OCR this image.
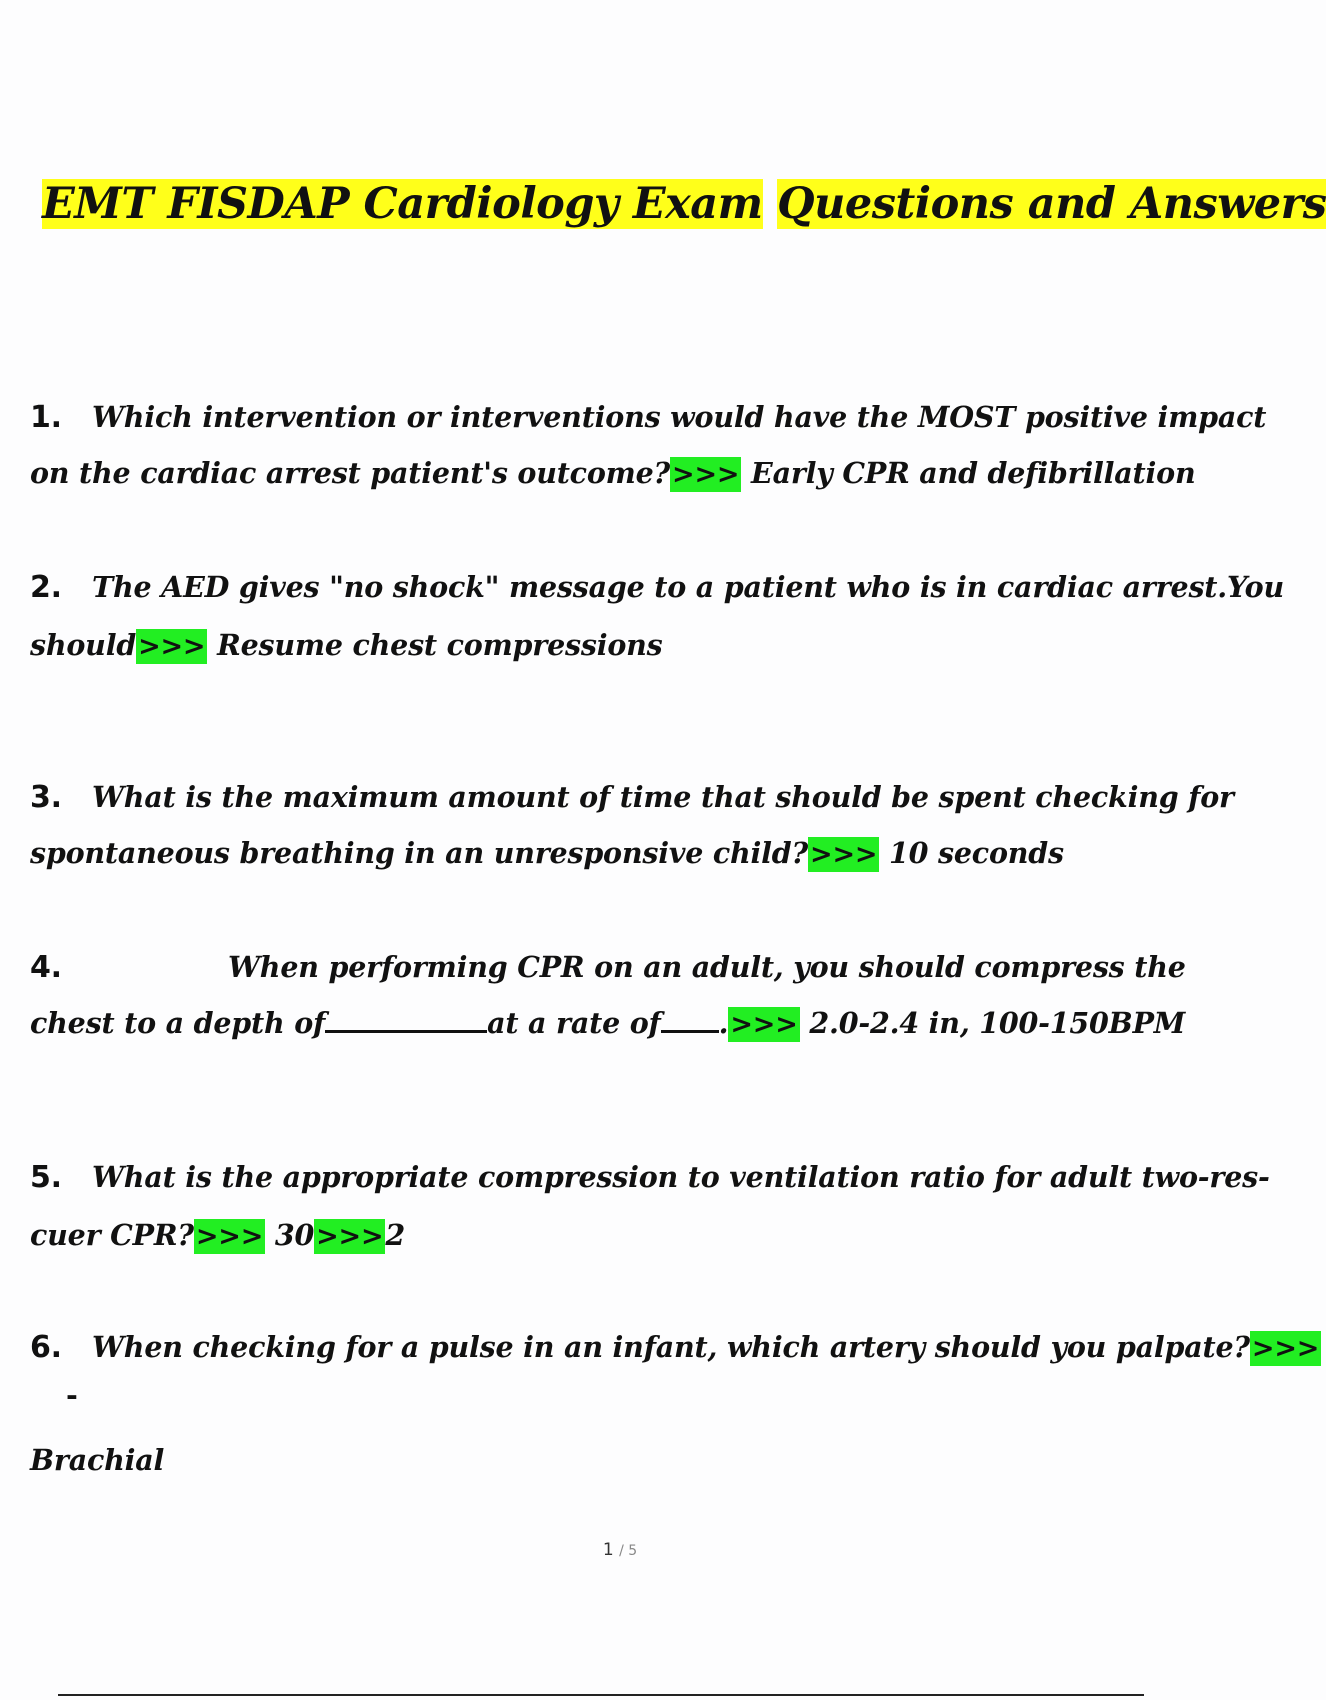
EMT FISDAP Cardiology Exam Questions and Answers
1. Which intervention or interventions would have the MOST positive impact
on the cardiac arrest patient's outcome?>>> Early CPR and defibrillation
2. The AED gives "no shock" message to a patient who is in cardiac arrest.You
should>>> Resume chest compressions
3. What is the maximum amount of time that should be spent checking for
spontaneous breathing in an unresponsive child?>>> 10 seconds
4.	When performing CPR on an adult, you should compress the
chest to a depth of	at a rate of .>>> 2.0-2.4 in, 100-150BPM
5. What is the appropriate compression to ventilation ratio for adult two-res-
cuer CPR?>>> 30>>>2
6. When checking for a pulse in an infant, which artery should you palpate?>>>
-
Brachial
1 / 5
